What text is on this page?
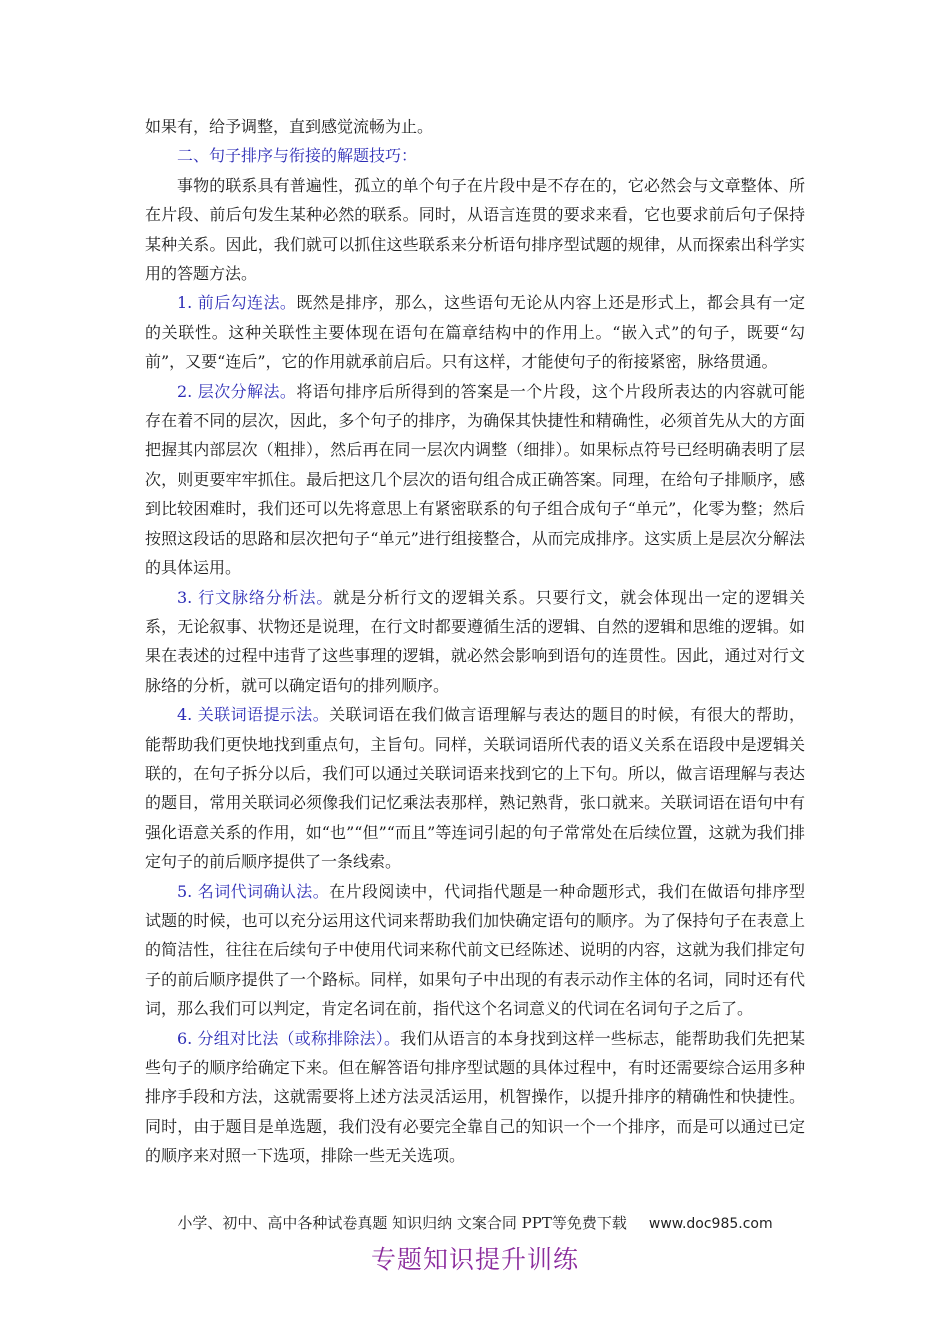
如果有，给予调整，直到感觉流畅为止。

二、句子排序与衔接的解题技巧：

事物的联系具有普遍性，孤立的单个句子在片段中是不存在的，它必然会与文章整体、所在片段、前后句发生某种必然的联系。同时，从语言连贯的要求来看，它也要求前后句子保持某种关系。因此，我们就可以抓住这些联系来分析语句排序型试题的规律，从而探索出科学实用的答题方法。

1. 前后勾连法。既然是排序，那么，这些语句无论从内容上还是形式上，都会具有一定的关联性。这种关联性主要体现在语句在篇章结构中的作用上。“嵌入式”的句子，既要“勾前”，又要“连后”，它的作用就承前启后。只有这样，才能使句子的衔接紧密，脉络贯通。

2. 层次分解法。将语句排序后所得到的答案是一个片段，这个片段所表达的内容就可能存在着不同的层次，因此，多个句子的排序，为确保其快捷性和精确性，必须首先从大的方面把握其内部层次（粗排），然后再在同一层次内调整（细排）。如果标点符号已经明确表明了层次，则更要牢牢抓住。最后把这几个层次的语句组合成正确答案。同理，在给句子排顺序，感到比较困难时，我们还可以先将意思上有紧密联系的句子组合成句子“单元”，化零为整；然后按照这段话的思路和层次把句子“单元”进行组接整合，从而完成排序。这实质上是层次分解法的具体运用。

3. 行文脉络分析法。就是分析行文的逻辑关系。只要行文，就会体现出一定的逻辑关系，无论叙事、状物还是说理，在行文时都要遵循生活的逻辑、自然的逻辑和思维的逻辑。如果在表述的过程中违背了这些事理的逻辑，就必然会影响到语句的连贯性。因此，通过对行文脉络的分析，就可以确定语句的排列顺序。

4. 关联词语提示法。关联词语在我们做言语理解与表达的题目的时候，有很大的帮助，能帮助我们更快地找到重点句，主旨句。同样，关联词语所代表的语义关系在语段中是逻辑关联的，在句子拆分以后，我们可以通过关联词语来找到它的上下句。所以，做言语理解与表达的题目，常用关联词必须像我们记忆乘法表那样，熟记熟背，张口就来。关联词语在语句中有强化语意关系的作用，如“也”“但”“而且”等连词引起的句子常常处在后续位置，这就为我们排定句子的前后顺序提供了一条线索。

5. 名词代词确认法。在片段阅读中，代词指代题是一种命题形式，我们在做语句排序型试题的时候，也可以充分运用这代词来帮助我们加快确定语句的顺序。为了保持句子在表意上的简洁性，往往在后续句子中使用代词来称代前文已经陈述、说明的内容，这就为我们排定句子的前后顺序提供了一个路标。同样，如果句子中出现的有表示动作主体的名词，同时还有代词，那么我们可以判定，肯定名词在前，指代这个名词意义的代词在名词句子之后了。

6. 分组对比法（或称排除法）。我们从语言的本身找到这样一些标志，能帮助我们先把某些句子的顺序给确定下来。但在解答语句排序型试题的具体过程中，有时还需要综合运用多种排序手段和方法，这就需要将上述方法灵活运用，机智操作，以提升排序的精确性和快捷性。同时，由于题目是单选题，我们没有必要完全靠自己的知识一个一个排序，而是可以通过已定的顺序来对照一下选项，排除一些无关选项。

小学、初中、高中各种试卷真题 知识归纳 文案合同 PPT等免费下载 www.doc985.com
专题知识提升训练
